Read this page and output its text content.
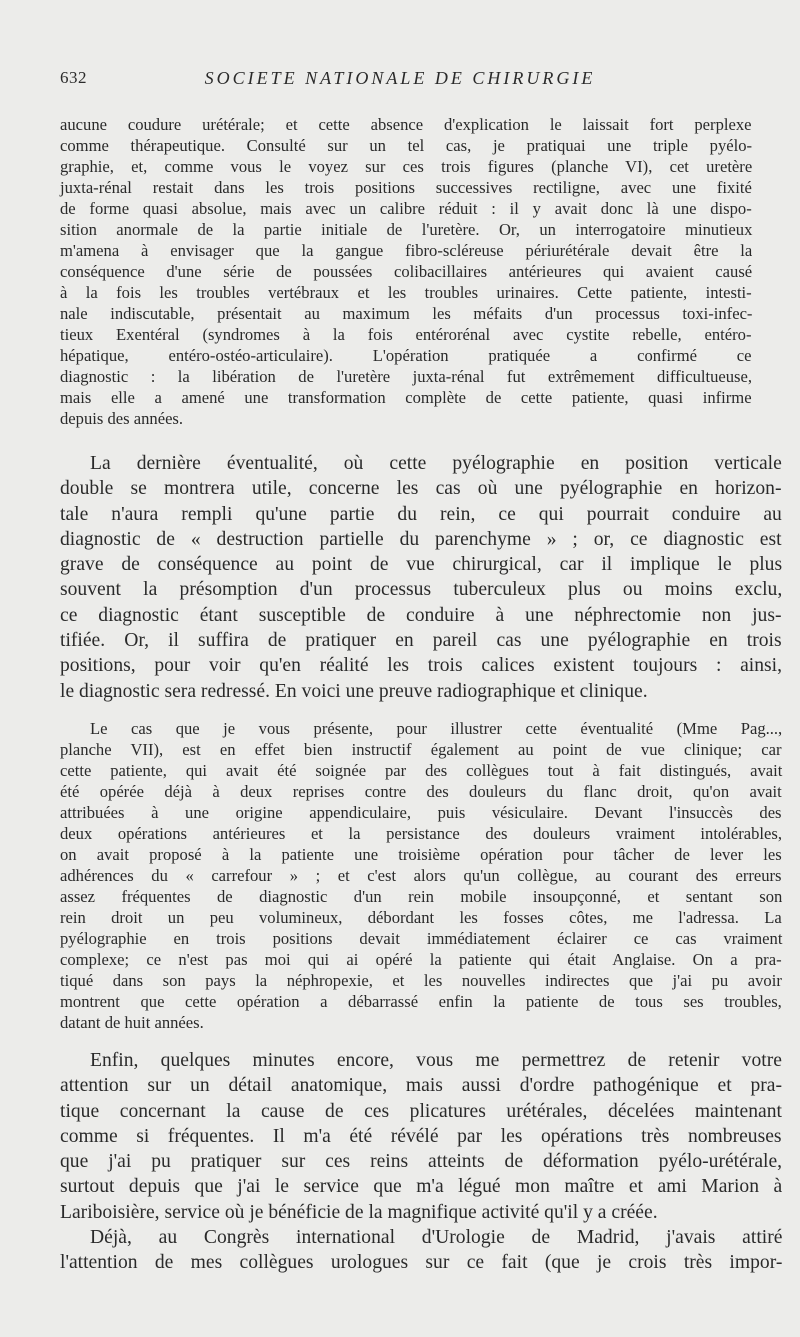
632	SOCIETE NATIONALE DE CHIRURGIE

aucune coudure urétérale; et cette absence d'explication le laissait fort perplexe
comme thérapeutique. Consulté sur un tel cas, je pratiquai une triple pyélo-
graphie, et, comme vous le voyez sur ces trois figures (planche VI), cet uretère
juxta-rénal restait dans les trois positions successives rectiligne, avec une fixité
de forme quasi absolue, mais avec un calibre réduit : il y avait donc là une dispo-
sition anormale de la partie initiale de l'uretère. Or, un interrogatoire minutieux
m'amena à envisager que la gangue fibro-scléreuse périurétérale devait être la
conséquence d'une série de poussées colibacillaires antérieures qui avaient causé
à la fois les troubles vertébraux et les troubles urinaires. Cette patiente, intesti-
nale indiscutable, présentait au maximum les méfaits d'un processus toxi-infec-
tieux Exentéral (syndromes à la fois entérorénal avec cystite rebelle, entéro-
hépatique, entéro-ostéo-articulaire). L'opération pratiquée a confirmé ce
diagnostic : la libération de l'uretère juxta-rénal fut extrêmement difficultueuse,
mais elle a amené une transformation complète de cette patiente, quasi infirme
depuis des années.

La dernière éventualité, où cette pyélographie en position verticale
double se montrera utile, concerne les cas où une pyélographie en horizon-
tale n'aura rempli qu'une partie du rein, ce qui pourrait conduire au
diagnostic de « destruction partielle du parenchyme » ; or, ce diagnostic est
grave de conséquence au point de vue chirurgical, car il implique le plus
souvent la présomption d'un processus tuberculeux plus ou moins exclu,
ce diagnostic étant susceptible de conduire à une néphrectomie non jus-
tifiée. Or, il suffira de pratiquer en pareil cas une pyélographie en trois
positions, pour voir qu'en réalité les trois calices existent toujours : ainsi,
le diagnostic sera redressé. En voici une preuve radiographique et clinique.

Le cas que je vous présente, pour illustrer cette éventualité (Mme Pag...,
planche VII), est en effet bien instructif également au point de vue clinique; car
cette patiente, qui avait été soignée par des collègues tout à fait distingués, avait
été opérée déjà à deux reprises contre des douleurs du flanc droit, qu'on avait
attribuées à une origine appendiculaire, puis vésiculaire. Devant l'insuccès des
deux opérations antérieures et la persistance des douleurs vraiment intolérables,
on avait proposé à la patiente une troisième opération pour tâcher de lever les
adhérences du « carrefour » ; et c'est alors qu'un collègue, au courant des erreurs
assez fréquentes de diagnostic d'un rein mobile insoupçonné, et sentant son
rein droit un peu volumineux, débordant les fosses côtes, me l'adressa. La
pyélographie en trois positions devait immédiatement éclairer ce cas vraiment
complexe; ce n'est pas moi qui ai opéré la patiente qui était Anglaise. On a pra-
tiqué dans son pays la néphropexie, et les nouvelles indirectes que j'ai pu avoir
montrent que cette opération a débarrassé enfin la patiente de tous ses troubles,
datant de huit années.

Enfin, quelques minutes encore, vous me permettrez de retenir votre
attention sur un détail anatomique, mais aussi d'ordre pathogénique et pra-
tique concernant la cause de ces plicatures urétérales, décelées maintenant
comme si fréquentes. Il m'a été révélé par les opérations très nombreuses
que j'ai pu pratiquer sur ces reins atteints de déformation pyélo-urétérale,
surtout depuis que j'ai le service que m'a légué mon maître et ami Marion à
Lariboisière, service où je bénéficie de la magnifique activité qu'il y a créée.

Déjà, au Congrès international d'Urologie de Madrid, j'avais attiré
l'attention de mes collègues urologues sur ce fait (que je crois très impor-
